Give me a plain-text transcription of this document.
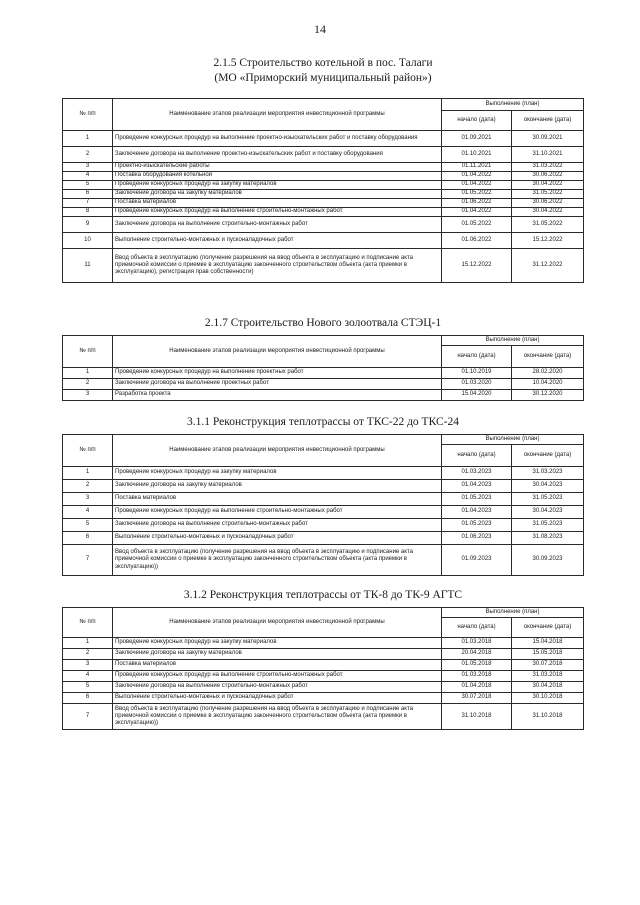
14
2.1.5 Строительство котельной в пос. Талаги
(МО «Приморский муниципальный район»)
№ п/п	Наименование этапов реализации мероприятия инвестиционной программы	Выполнение (план)	
		начало (дата)	окончание (дата)
1	Проведение конкурсных процедур на выполнение проектно-изыскательских работ и поставку оборудования	01.09.2021	30.09.2021
2	Заключение договора на выполнение проектно-изыскательских работ и поставку оборудования	01.10.2021	31.10.2021
3	Проектно-изыскательские работы	01.11.2021	31.03.2022
4	Поставка оборудования котельной	01.04.2022	30.06.2022
5	Проведение конкурсных процедур на закупку материалов	01.04.2022	30.04.2022
6	Заключение договора на закупку материалов	01.05.2022	31.05.2022
7	Поставка материалов	01.06.2022	30.06.2022
8	Проведение конкурсных процедур на выполнение строительно-монтажных работ	01.04.2022	30.04.2022
9	Заключение договора на выполнение строительно-монтажных работ	01.05.2022	31.05.2022
10	Выполнение строительно-монтажных и пусконаладочных работ	01.06.2022	15.12.2022
11	Ввод объекта в эксплуатацию (получение разрешения на ввод объекта в эксплуатацию и подписание акта приемочной комиссии о приемке в эксплуатацию законченного строительством объекта (акта приемки в эксплуатацию), регистрация прав собственности)	15.12.2022	31.12.2022
2.1.7 Строительство Нового золоотвала СТЭЦ-1
№ п/п	Наименование этапов реализации мероприятия инвестиционной программы	Выполнение (план)	
		начало (дата)	окончание (дата)
1	Проведение конкурсных процедур на выполнение проектных работ	01.10.2019	28.02.2020
2	Заключение договора на выполнение проектных работ	01.03.2020	10.04.2020
3	Разработка проекта	15.04.2020	30.12.2020
3.1.1 Реконструкция теплотрассы от ТКС-22 до ТКС-24
№ п/п	Наименование этапов реализации мероприятия инвестиционной программы	Выполнение (план)	
		начало (дата)	окончание (дата)
1	Проведение конкурсных процедур на закупку материалов	01.03.2023	31.03.2023
2	Заключение договора на закупку материалов	01.04.2023	30.04.2023
3	Поставка материалов	01.05.2023	31.05.2023
4	Проведение конкурсных процедур на выполнение строительно-монтажных работ	01.04.2023	30.04.2023
5	Заключение договора на выполнение строительно-монтажных работ	01.05.2023	31.05.2023
6	Выполнение строительно-монтажных и пусконаладочных работ	01.06.2023	31.08.2023
7	Ввод объекта в эксплуатацию (получение разрешения на ввод объекта в эксплуатацию и подписание акта приемочной комиссии о приемке в эксплуатацию законченного строительством объекта (акта приемки в эксплуатацию))	01.09.2023	30.09.2023
3.1.2 Реконструкция теплотрассы от ТК-8 до ТК-9 АГТС
№ п/п	Наименование этапов реализации мероприятия инвестиционной программы	Выполнение (план)	
		начало (дата)	окончание (дата)
1	Проведение конкурсных процедур на закупку материалов	01.03.2018	15.04.2018
2	Заключение договора на закупку материалов	20.04.2018	15.05.2018
3	Поставка материалов	01.05.2018	30.07.2018
4	Проведение конкурсных процедур на выполнение строительно-монтажных работ	01.03.2018	31.03.2018
5	Заключение договора на выполнение строительно-монтажных работ	01.04.2018	30.04.2018
6	Выполнение строительно-монтажных и пусконаладочных работ	30.07.2018	30.10.2018
7	Ввод объекта в эксплуатацию (получение разрешения на ввод объекта в эксплуатацию и подписание акта приемочной комиссии о приемке в эксплуатацию законченного строительством объекта (акта приемки в эксплуатацию))	31.10.2018	31.10.2018
